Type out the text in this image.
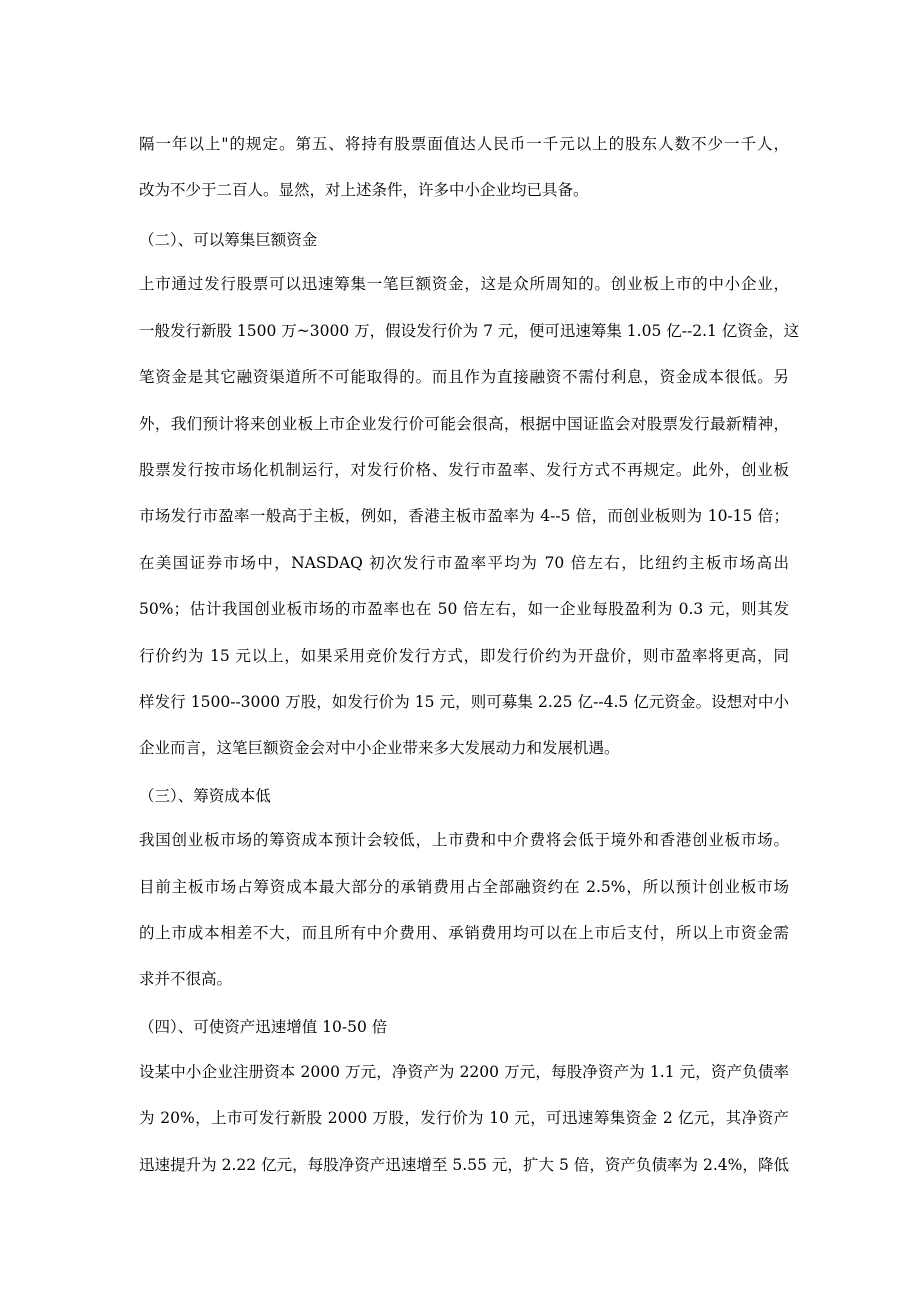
隔一年以上"的规定。第五、将持有股票面值达人民币一千元以上的股东人数不少一千人，
改为不少于二百人。显然，对上述条件，许多中小企业均已具备。
（二）、可以筹集巨额资金
上市通过发行股票可以迅速筹集一笔巨额资金，这是众所周知的。创业板上市的中小企业，
一般发行新股 1500 万~3000 万，假设发行价为 7 元，便可迅速筹集 1.05 亿--2.1 亿资金，这
笔资金是其它融资渠道所不可能取得的。而且作为直接融资不需付利息，资金成本很低。另
外，我们预计将来创业板上市企业发行价可能会很高，根据中国证监会对股票发行最新精神，
股票发行按市场化机制运行，对发行价格、发行市盈率、发行方式不再规定。此外，创业板
市场发行市盈率一般高于主板，例如，香港主板市盈率为 4--5 倍，而创业板则为 10-15 倍；
在美国证券市场中，NASDAQ 初次发行市盈率平均为 70 倍左右，比纽约主板市场高出
50%；估计我国创业板市场的市盈率也在 50 倍左右，如一企业每股盈利为 0.3 元，则其发
行价约为 15 元以上，如果采用竞价发行方式，即发行价约为开盘价，则市盈率将更高，同
样发行 1500--3000 万股，如发行价为 15 元，则可募集 2.25 亿--4.5 亿元资金。设想对中小
企业而言，这笔巨额资金会对中小企业带来多大发展动力和发展机遇。
（三）、筹资成本低
我国创业板市场的筹资成本预计会较低，上市费和中介费将会低于境外和香港创业板市场。
目前主板市场占筹资成本最大部分的承销费用占全部融资约在 2.5%，所以预计创业板市场
的上市成本相差不大，而且所有中介费用、承销费用均可以在上市后支付，所以上市资金需
求并不很高。
（四）、可使资产迅速增值 10-50 倍
设某中小企业注册资本 2000 万元，净资产为 2200 万元，每股净资产为 1.1 元，资产负债率
为 20%，上市可发行新股 2000 万股，发行价为 10 元，可迅速筹集资金 2 亿元，其净资产
迅速提升为 2.22 亿元，每股净资产迅速增至 5.55 元，扩大 5 倍，资产负债率为 2.4%，降低
